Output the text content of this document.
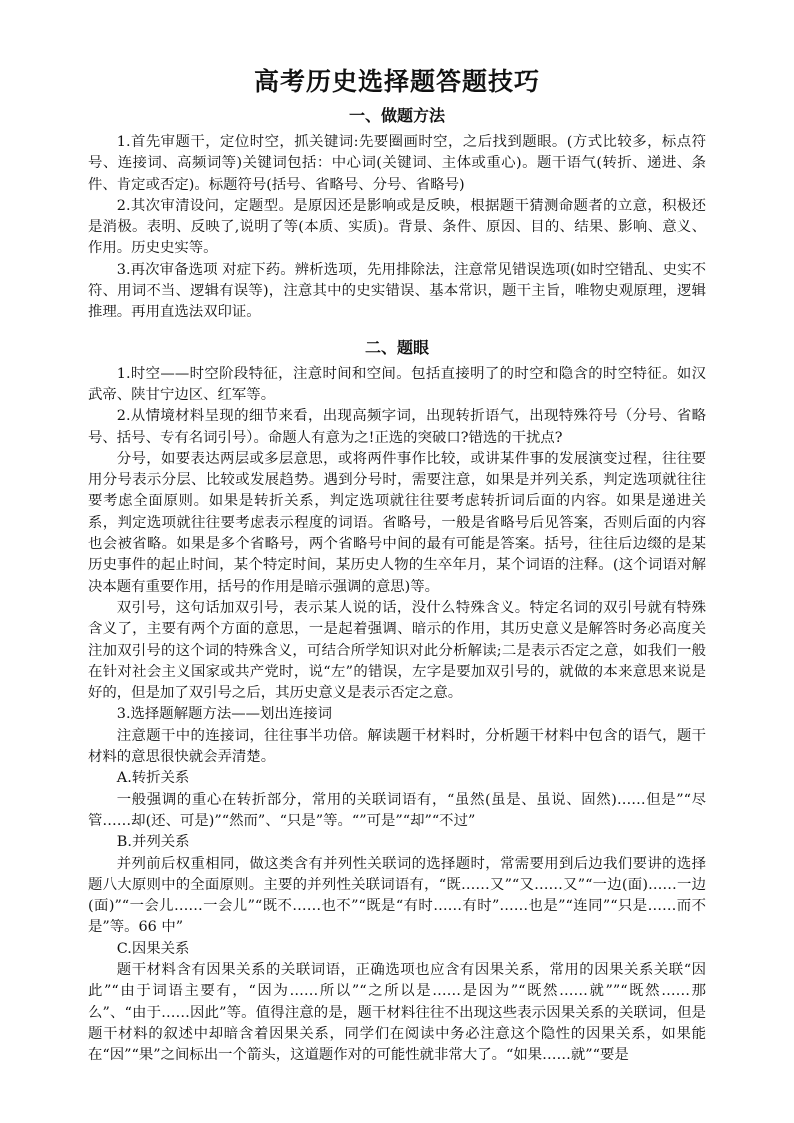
高考历史选择题答题技巧
一、做题方法

1.首先审题干，定位时空，抓关键词:先要圈画时空，之后找到题眼。(方式比较多，标点符号、连接词、高频词等)关键词包括：中心词(关键词、主体或重心)。题干语气(转折、递进、条件、肯定或否定)。标题符号(括号、省略号、分号、省略号)

2.其次审清设问，定题型。是原因还是影响或是反映，根据题干猜测命题者的立意，积极还是消极。表明、反映了,说明了等(本质、实质)。背景、条件、原因、目的、结果、影响、意义、作用。历史史实等。

3.再次审备选项 对症下药。辨析选项，先用排除法，注意常见错误选项(如时空错乱、史实不符、用词不当、逻辑有误等)，注意其中的史实错误、基本常识，题干主旨，唯物史观原理，逻辑推理。再用直选法双印证。

二、题眼

1.时空——时空阶段特征，注意时间和空间。包括直接明了的时空和隐含的时空特征。如汉武帝、陕甘宁边区、红军等。

2.从情境材料呈现的细节来看，出现高频字词，出现转折语气，出现特殊符号（分号、省略号、括号、专有名词引号）。命题人有意为之!正选的突破口?错选的干扰点?

分号，如要表达两层或多层意思，或将两件事作比较，或讲某件事的发展演变过程，往往要用分号表示分层、比较或发展趋势。遇到分号时，需要注意，如果是并列关系，判定选项就往往要考虑全面原则。如果是转折关系，判定选项就往往要考虑转折词后面的内容。如果是递进关系，判定选项就往往要考虑表示程度的词语。省略号，一般是省略号后见答案，否则后面的内容也会被省略。如果是多个省略号，两个省略号中间的最有可能是答案。括号，往往后边缀的是某历史事件的起止时间，某个特定时间，某历史人物的生卒年月，某个词语的注释。(这个词语对解决本题有重要作用，括号的作用是暗示强调的意思)等。

双引号，这句话加双引号，表示某人说的话，没什么特殊含义。特定名词的双引号就有特殊含义了，主要有两个方面的意思，一是起着强调、暗示的作用，其历史意义是解答时务必高度关注加双引号的这个词的特殊含义，可结合所学知识对此分析解读;二是表示否定之意，如我们一般在针对社会主义国家或共产党时，说“左”的错误，左字是要加双引号的，就做的本来意思来说是好的，但是加了双引号之后，其历史意义是表示否定之意。

3.选择题解题方法——划出连接词

注意题干中的连接词，往往事半功倍。解读题干材料时，分析题干材料中包含的语气，题干材料的意思很快就会弄清楚。

A.转折关系

一般强调的重心在转折部分，常用的关联词语有，“虽然(虽是、虽说、固然)……但是”“尽管……却(还、可是)”“然而”、“只是”等。“”可是”“却”“不过”

B.并列关系

并列前后权重相同，做这类含有并列性关联词的选择题时，常需要用到后边我们要讲的选择题八大原则中的全面原则。主要的并列性关联词语有，“既……又”“又……又”“一边(面)……一边(面)”“一会儿……一会儿”“既不……也不”“既是“有时……有时”……也是”“连同”“只是……而不是”等。66 中”

C.因果关系

题干材料含有因果关系的关联词语，正确选项也应含有因果关系，常用的因果关系关联“因此”“由于词语主要有，“因为……所以”“之所以是……是因为”“既然……就””“既然……那么”、“由于……因此”等。值得注意的是，题干材料往往不出现这些表示因果关系的关联词，但是题干材料的叙述中却暗含着因果关系，同学们在阅读中务必注意这个隐性的因果关系，如果能在“因”“果”之间标出一个箭头，这道题作对的可能性就非常大了。“如果……就”“要是
